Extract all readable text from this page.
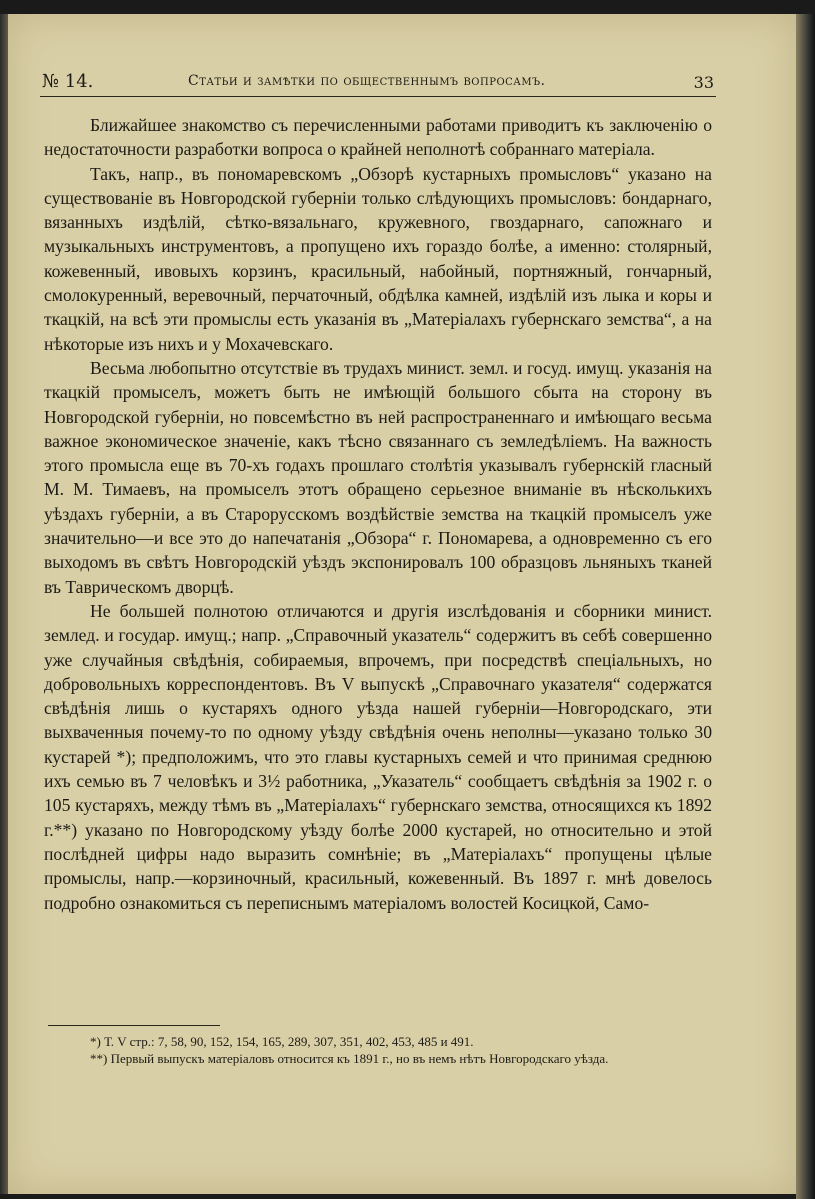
№ 14.	Статьи и замѣтки по общественнымъ вопросамъ.	33

Ближайшее знакомство съ перечисленными работами приводитъ къ заключенію о недостаточности разработки вопроса о крайней неполнотѣ собраннаго матеріала.

Такъ, напр., въ пономаревскомъ „Обзорѣ кустарныхъ промысловъ“ указано на существованіе въ Новгородской губерніи только слѣдующихъ промысловъ: бондарнаго, вязанныхъ издѣлій, сѣтко-вязальнаго, кружевного, гвоздарнаго, сапожнаго и музыкальныхъ инструментовъ, а пропущено ихъ гораздо болѣе, а именно: столярный, кожевенный, ивовыхъ корзинъ, красильный, набойный, портняжный, гончарный, смолокуренный, веревочный, перчаточный, обдѣлка камней, издѣлій изъ лыка и коры и ткацкій, на всѣ эти промыслы есть указанія въ „Матеріалахъ губернскаго земства“, а на нѣкоторые изъ нихъ и у Мохачевскаго.

Весьма любопытно отсутствіе въ трудахъ минист. земл. и госуд. имущ. указанія на ткацкій промыселъ, можетъ быть не имѣющій большого сбыта на сторону въ Новгородской губерніи, но повсемѣстно въ ней распространеннаго и имѣющаго весьма важное экономическое значеніе, какъ тѣсно связаннаго съ земледѣліемъ. На важность этого промысла еще въ 70-хъ годахъ прошлаго столѣтія указывалъ губернскій гласный М. М. Тимаевъ, на промыселъ этотъ обращено серьезное вниманіе въ нѣсколькихъ уѣздахъ губерніи, а въ Старорусскомъ воздѣйствіе земства на ткацкій промыселъ уже значительно—и все это до напечатанія „Обзора“ г. Пономарева, а одновременно съ его выходомъ въ свѣтъ Новгородскій уѣздъ экспонировалъ 100 образцовъ льняныхъ тканей въ Таврическомъ дворцѣ.

Не большей полнотою отличаются и другія изслѣдованія и сборники минист. землед. и государ. имущ.; напр. „Справочный указатель“ содержитъ въ себѣ совершенно уже случайныя свѣдѣнія, собираемыя, впрочемъ, при посредствѣ спеціальныхъ, но добровольныхъ корреспондентовъ. Въ V выпускѣ „Справочнаго указателя“ содержатся свѣдѣнія лишь о кустаряхъ одного уѣзда нашей губерніи—Новгородскаго, эти выхваченныя почему-то по одному уѣзду свѣдѣнія очень неполны—указано только 30 кустарей *); предположимъ, что это главы кустарныхъ семей и что принимая среднюю ихъ семью въ 7 человѣкъ и 3½ работника, „Указатель“ сообщаетъ свѣдѣнія за 1902 г. о 105 кустаряхъ, между тѣмъ въ „Матеріалахъ“ губернскаго земства, относящихся къ 1892 г.**) указано по Новгородскому уѣзду болѣе 2000 кустарей, но относительно и этой послѣдней цифры надо выразить сомнѣніе; въ „Матеріалахъ“ пропущены цѣлые промыслы, напр.—корзиночный, красильный, кожевенный. Въ 1897 г. мнѣ довелось подробно ознакомиться съ переписнымъ матеріаломъ волостей Косицкой, Само-

*) Т. V стр.: 7, 58, 90, 152, 154, 165, 289, 307, 351, 402, 453, 485 и 491.

**) Первый выпускъ матеріаловъ относится къ 1891 г., но въ немъ нѣтъ Новгородскаго уѣзда.
